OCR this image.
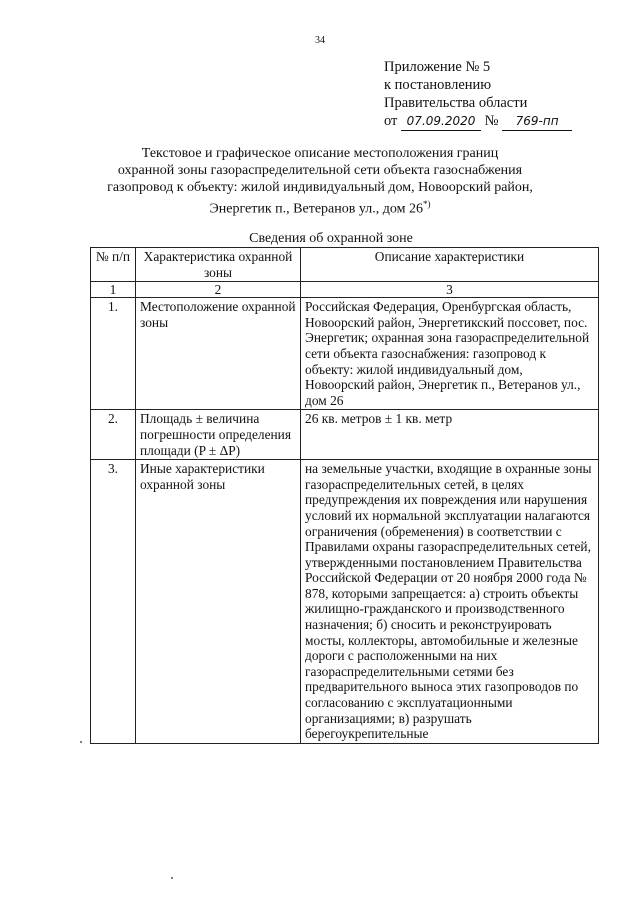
34
Приложение № 5
к постановлению
Правительства области
от 07.09.2020 № 769-пп
Текстовое и графическое описание местоположения границ
охранной зоны газораспределительной сети объекта газоснабжения
газопровод к объекту: жилой индивидуальный дом, Новоорский район,
Энергетик п., Ветеранов ул., дом 26*)
Сведения об охранной зоне
№ п/п	Характеристика охранной зоны	Описание характеристики
1	2	3
1.	Местоположение охранной зоны	Российская Федерация, Оренбургская область, Новоорский район, Энергетикский поссовет, пос. Энергетик; охранная зона газораспределительной сети объекта газоснабжения: газопровод к объекту: жилой индивидуальный дом, Новоорский район, Энергетик п., Ветеранов ул., дом 26
2.	Площадь ± величина погрешности определения площади (P ± ΔP)	26 кв. метров ± 1 кв. метр
3.	Иные характеристики охранной зоны	на земельные участки, входящие в охранные зоны газораспределительных сетей, в целях предупреждения их повреждения или нарушения условий их нормальной эксплуатации налагаются ограничения (обременения) в соответствии с Правилами охраны газораспределительных сетей, утвержденными постановлением Правительства Российской Федерации от 20 ноября 2000 года № 878, которыми запрещается: а) строить объекты жилищно-гражданского и производственного назначения; б) сносить и реконструировать мосты, коллекторы, автомобильные и железные дороги с расположенными на них газораспределительными сетями без предварительного выноса этих газопроводов по согласованию с эксплуатационными организациями; в) разрушать берегоукрепительные
